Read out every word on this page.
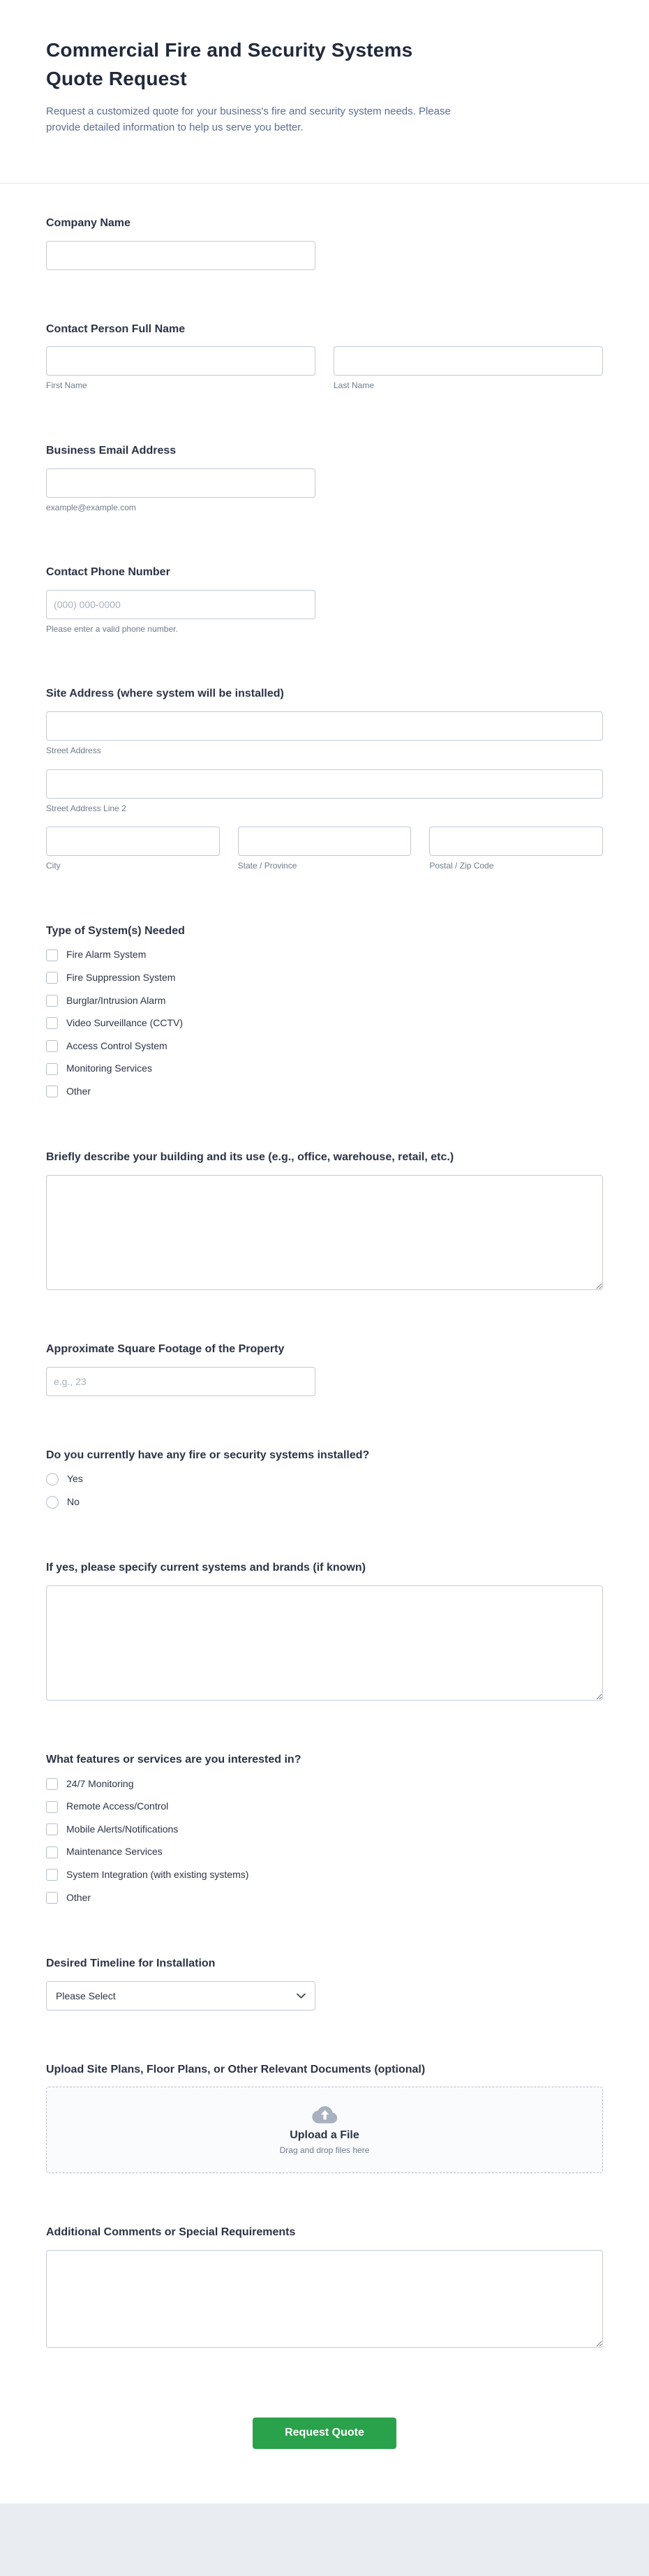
Commercial Fire and Security Systems Quote Request

Request a customized quote for your business's fire and security system needs. Please provide detailed information to help us serve you better.

Company Name
Contact Person Full Name
First Name	Last Name
Business Email Address
example@example.com
Contact Phone Number
(000) 000-0000
Please enter a valid phone number.
Site Address (where system will be installed)
Street Address
Street Address Line 2
City	State / Province	Postal / Zip Code
Type of System(s) Needed
Fire Alarm System
Fire Suppression System
Burglar/Intrusion Alarm
Video Surveillance (CCTV)
Access Control System
Monitoring Services
Other
Briefly describe your building and its use (e.g., office, warehouse, retail, etc.)
Approximate Square Footage of the Property
e.g., 23
Do you currently have any fire or security systems installed?
Yes
No
If yes, please specify current systems and brands (if known)
What features or services are you interested in?
24/7 Monitoring
Remote Access/Control
Mobile Alerts/Notifications
Maintenance Services
System Integration (with existing systems)
Other
Desired Timeline for Installation
Please Select
Upload Site Plans, Floor Plans, or Other Relevant Documents (optional)
Upload a File
Drag and drop files here
Additional Comments or Special Requirements
Request Quote
